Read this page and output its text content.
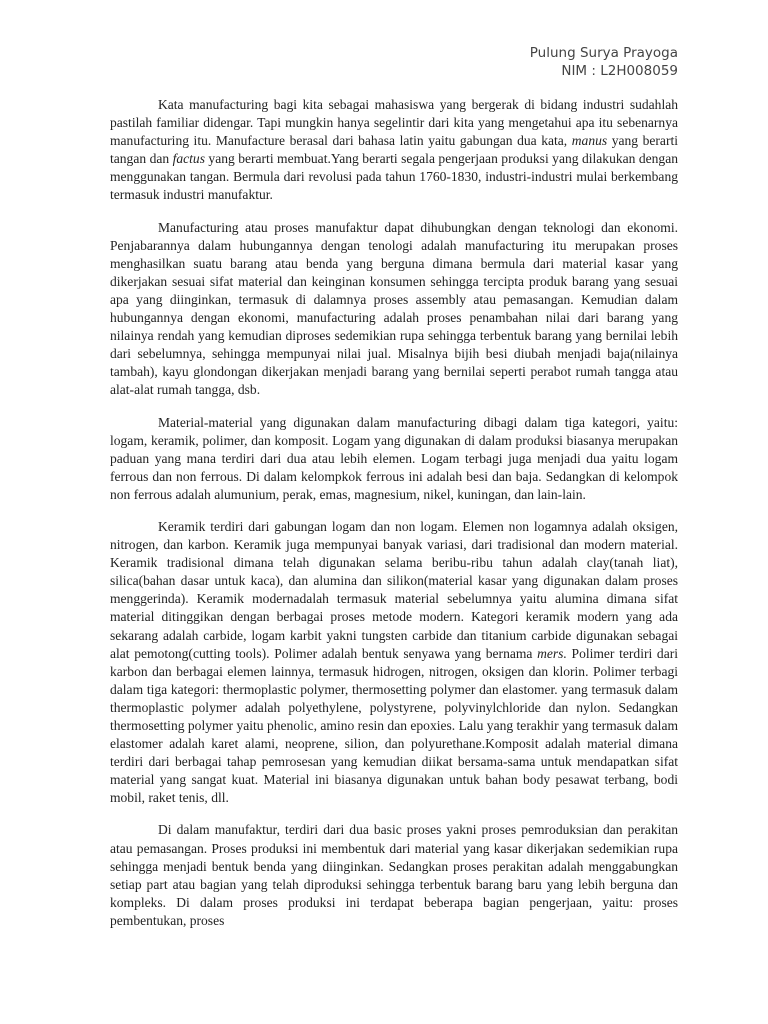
Pulung Surya Prayoga
NIM : L2H008059

Kata manufacturing bagi kita sebagai mahasiswa yang bergerak di bidang industri sudahlah pastilah familiar didengar. Tapi mungkin hanya segelintir dari kita yang mengetahui apa itu sebenarnya manufacturing itu. Manufacture berasal dari bahasa latin yaitu gabungan dua kata, manus yang berarti tangan dan factus yang berarti membuat.Yang berarti segala pengerjaan produksi yang dilakukan dengan menggunakan tangan. Bermula dari revolusi pada tahun 1760-1830, industri-industri mulai berkembang termasuk industri manufaktur.

Manufacturing atau proses manufaktur dapat dihubungkan dengan teknologi dan ekonomi. Penjabarannya dalam hubungannya dengan tenologi adalah manufacturing itu merupakan proses menghasilkan suatu barang atau benda yang berguna dimana bermula dari material kasar yang dikerjakan sesuai sifat material dan keinginan konsumen sehingga tercipta produk barang yang sesuai apa yang diinginkan, termasuk di dalamnya proses assembly atau pemasangan. Kemudian dalam hubungannya dengan ekonomi, manufacturing adalah proses penambahan nilai dari barang yang nilainya rendah yang kemudian diproses sedemikian rupa sehingga terbentuk barang yang bernilai lebih dari sebelumnya, sehingga mempunyai nilai jual. Misalnya bijih besi diubah menjadi baja(nilainya tambah), kayu glondongan dikerjakan menjadi barang yang bernilai seperti perabot rumah tangga atau alat-alat rumah tangga, dsb.

Material-material yang digunakan dalam manufacturing dibagi dalam tiga kategori, yaitu: logam, keramik, polimer, dan komposit. Logam yang digunakan di dalam produksi biasanya merupakan paduan yang mana terdiri dari dua atau lebih elemen. Logam terbagi juga menjadi dua yaitu logam ferrous dan non ferrous. Di dalam kelompkok ferrous ini adalah besi dan baja. Sedangkan di kelompok non ferrous adalah alumunium, perak, emas, magnesium, nikel, kuningan, dan lain-lain.

Keramik terdiri dari gabungan logam dan non logam. Elemen non logamnya adalah oksigen, nitrogen, dan karbon. Keramik juga mempunyai banyak variasi, dari tradisional dan modern material. Keramik tradisional dimana telah digunakan selama beribu-ribu tahun adalah clay(tanah liat), silica(bahan dasar untuk kaca), dan alumina dan silikon(material kasar yang digunakan dalam proses menggerinda). Keramik modernadalah termasuk material sebelumnya yaitu alumina dimana sifat material ditinggikan dengan berbagai proses metode modern. Kategori keramik modern yang ada sekarang adalah carbide, logam karbit yakni tungsten carbide dan titanium carbide digunakan sebagai alat pemotong(cutting tools). Polimer adalah bentuk senyawa yang bernama mers. Polimer terdiri dari karbon dan berbagai elemen lainnya, termasuk hidrogen, nitrogen, oksigen dan klorin. Polimer terbagi dalam tiga kategori: thermoplastic polymer, thermosetting polymer dan elastomer. yang termasuk dalam thermoplastic polymer adalah polyethylene, polystyrene, polyvinylchloride dan nylon. Sedangkan thermosetting polymer yaitu phenolic, amino resin dan epoxies. Lalu yang terakhir yang termasuk dalam elastomer adalah karet alami, neoprene, silion, dan polyurethane.Komposit adalah material dimana terdiri dari berbagai tahap pemrosesan yang kemudian diikat bersama-sama untuk mendapatkan sifat material yang sangat kuat. Material ini biasanya digunakan untuk bahan body pesawat terbang, bodi mobil, raket tenis, dll.

Di dalam manufaktur, terdiri dari dua basic proses yakni proses pemroduksian dan perakitan atau pemasangan. Proses produksi ini membentuk dari material yang kasar dikerjakan sedemikian rupa sehingga menjadi bentuk benda yang diinginkan. Sedangkan proses perakitan adalah menggabungkan setiap part atau bagian yang telah diproduksi sehingga terbentuk barang baru yang lebih berguna dan kompleks. Di dalam proses produksi ini terdapat beberapa bagian pengerjaan, yaitu: proses pembentukan, proses
